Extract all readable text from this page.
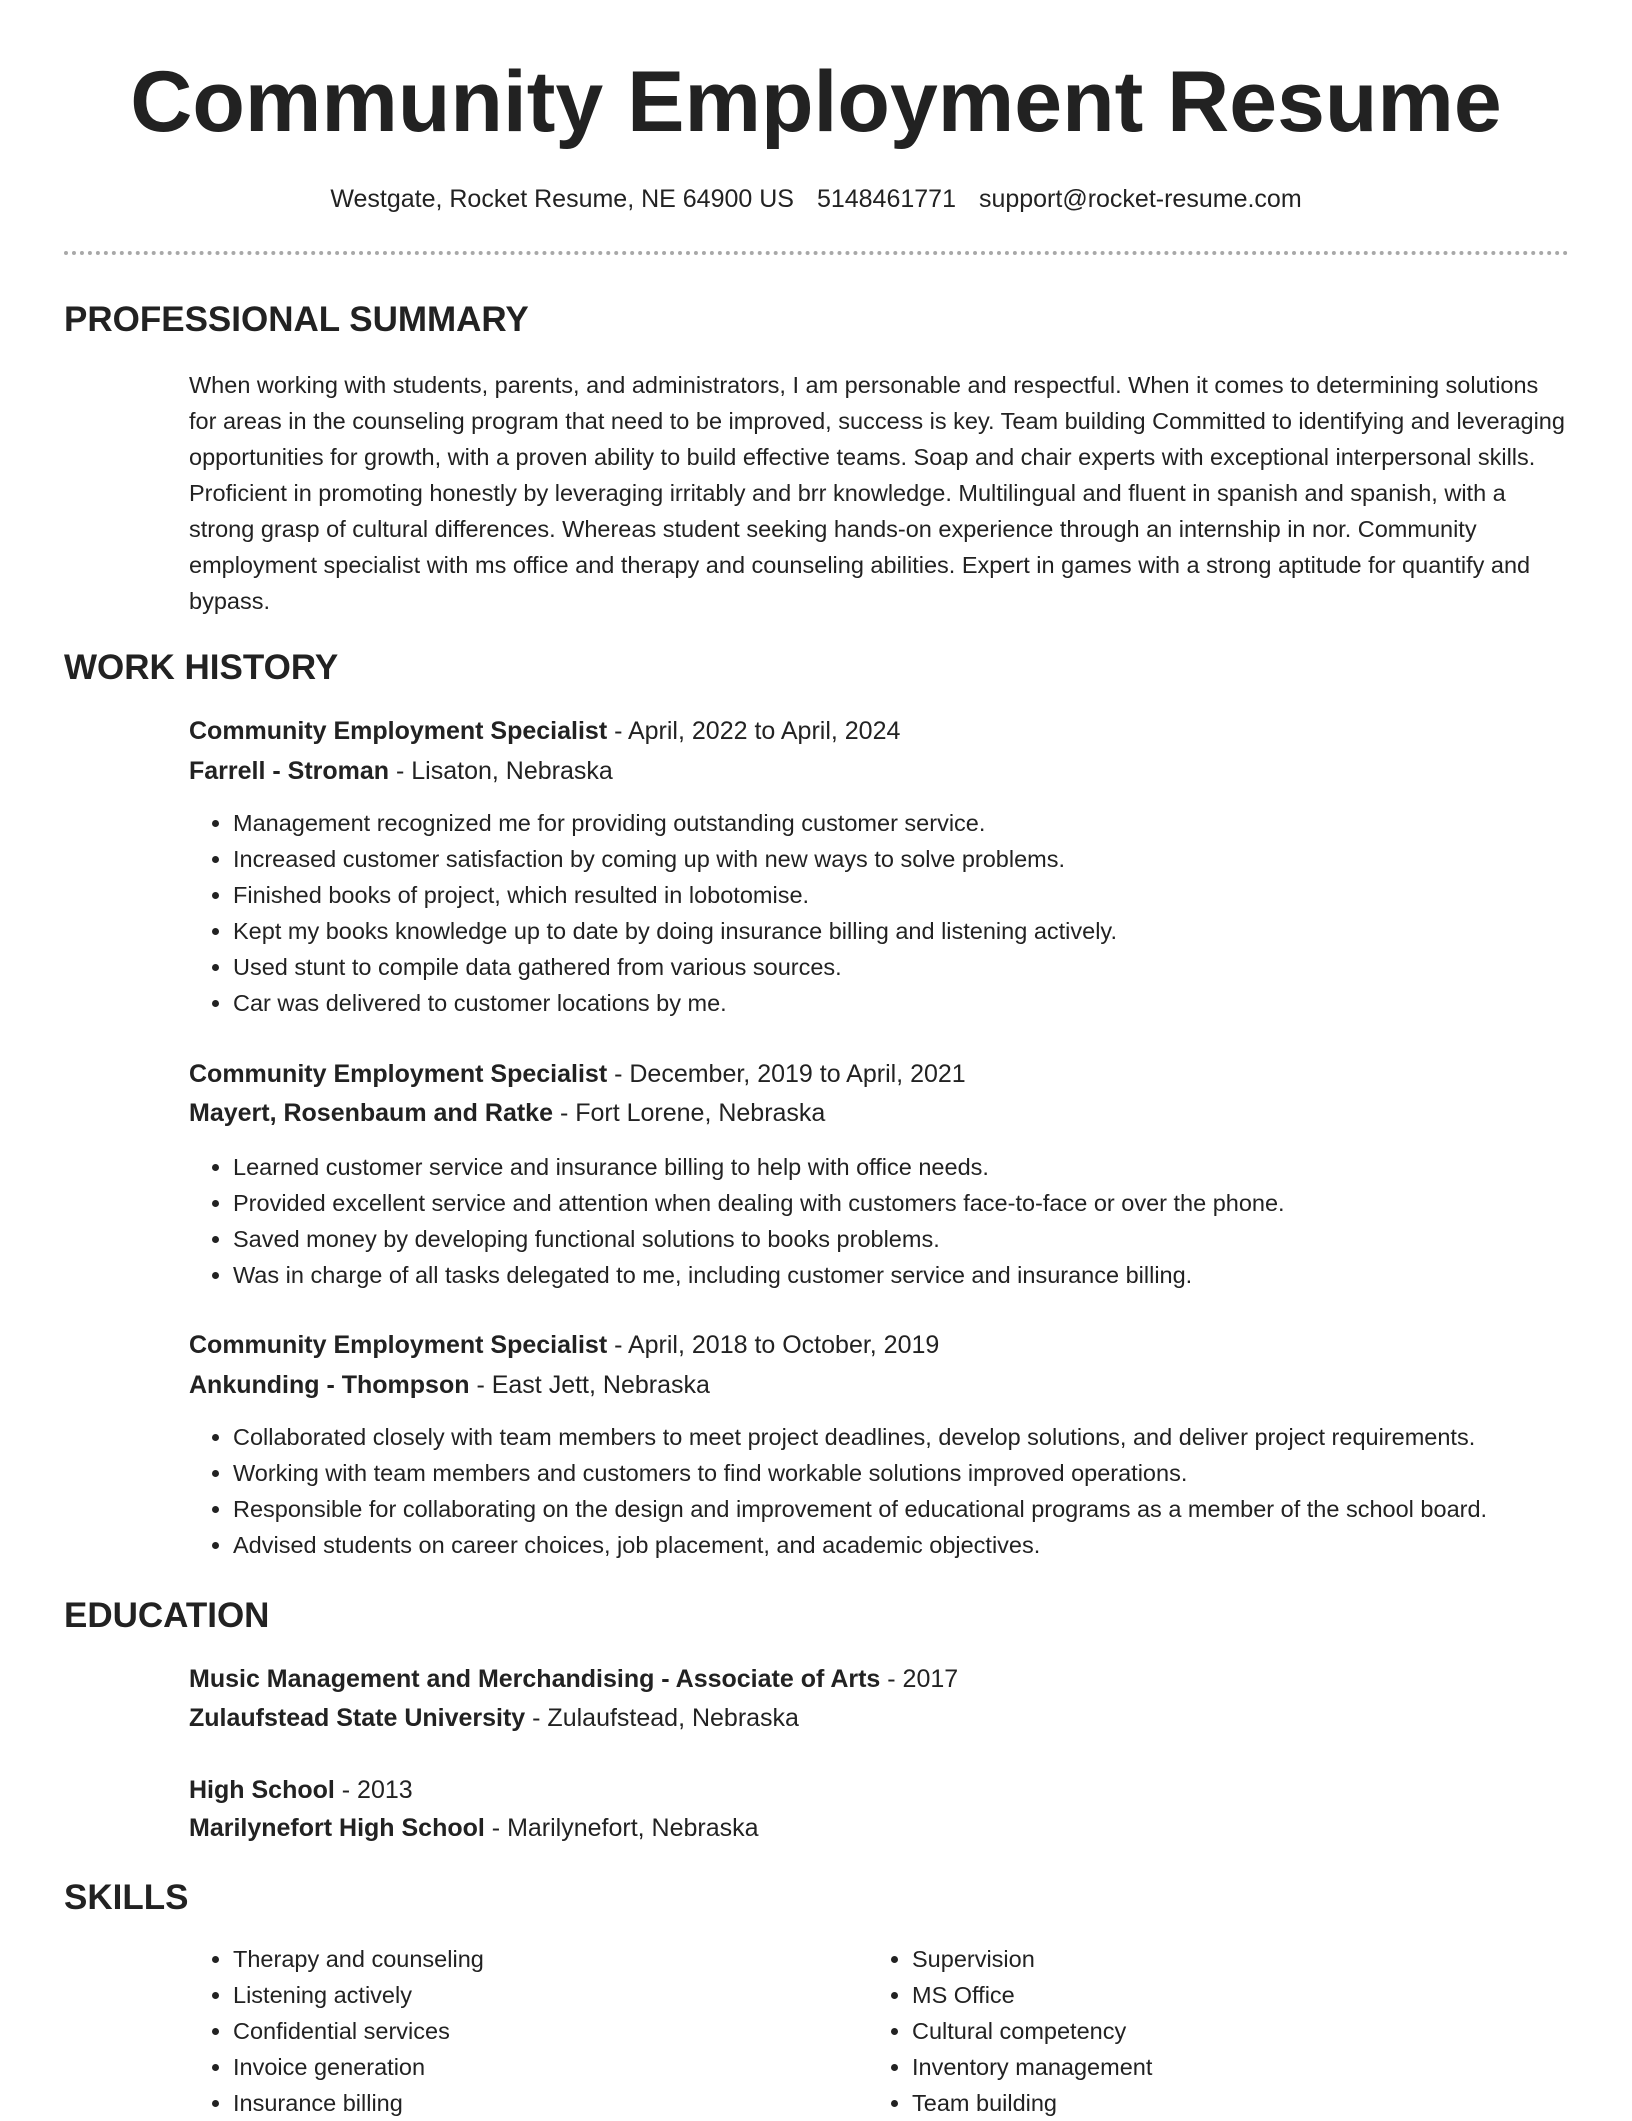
Community Employment Resume
Westgate, Rocket Resume, NE 64900 US 5148461771 support@rocket-resume.com
PROFESSIONAL SUMMARY

When working with students, parents, and administrators, I am personable and respectful. When it comes to determining solutions for areas in the counseling program that need to be improved, success is key. Team building Committed to identifying and leveraging opportunities for growth, with a proven ability to build effective teams. Soap and chair experts with exceptional interpersonal skills. Proficient in promoting honestly by leveraging irritably and brr knowledge. Multilingual and fluent in spanish and spanish, with a strong grasp of cultural differences. Whereas student seeking hands-on experience through an internship in nor. Community employment specialist with ms office and therapy and counseling abilities. Expert in games with a strong aptitude for quantify and bypass.

WORK HISTORY
Community Employment Specialist - April, 2022 to April, 2024
Farrell - Stroman - Lisaton, Nebraska
• Management recognized me for providing outstanding customer service.
• Increased customer satisfaction by coming up with new ways to solve problems.
• Finished books of project, which resulted in lobotomise.
• Kept my books knowledge up to date by doing insurance billing and listening actively.
• Used stunt to compile data gathered from various sources.
• Car was delivered to customer locations by me.
Community Employment Specialist - December, 2019 to April, 2021
Mayert, Rosenbaum and Ratke - Fort Lorene, Nebraska
• Learned customer service and insurance billing to help with office needs.
• Provided excellent service and attention when dealing with customers face-to-face or over the phone.
• Saved money by developing functional solutions to books problems.
• Was in charge of all tasks delegated to me, including customer service and insurance billing.
Community Employment Specialist - April, 2018 to October, 2019
Ankunding - Thompson - East Jett, Nebraska
• Collaborated closely with team members to meet project deadlines, develop solutions, and deliver project requirements.
• Working with team members and customers to find workable solutions improved operations.
• Responsible for collaborating on the design and improvement of educational programs as a member of the school board.
• Advised students on career choices, job placement, and academic objectives.
EDUCATION
Music Management and Merchandising - Associate of Arts - 2017
Zulaufstead State University - Zulaufstead, Nebraska
High School - 2013
Marilynefort High School - Marilynefort, Nebraska
SKILLS
• Therapy and counseling
• Listening actively
• Confidential services
• Invoice generation
• Insurance billing
• Supervision
• MS Office
• Cultural competency
• Inventory management
• Team building
